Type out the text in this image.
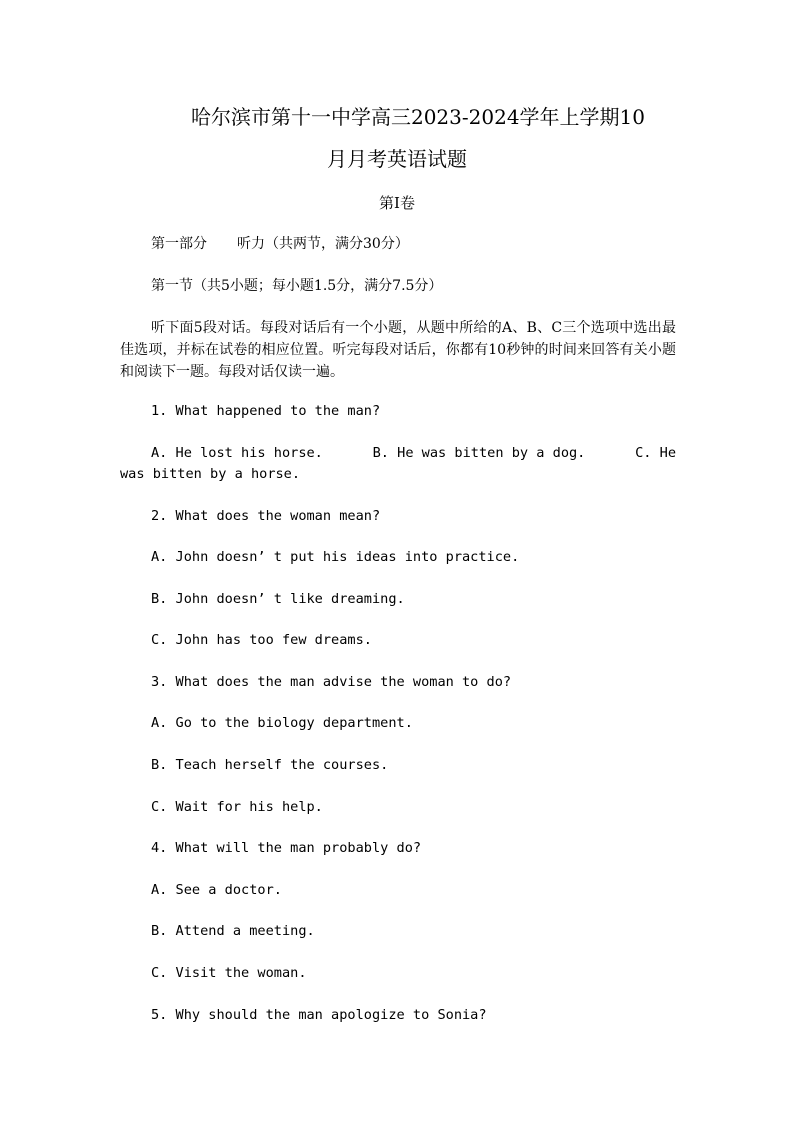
哈尔滨市第十一中学高三2023-2024学年上学期10
月月考英语试题
第Ⅰ卷
第一部分 听力（共两节，满分30分）
第一节（共5小题；每小题1.5分，满分7.5分）
听下面5段对话。每段对话后有一个小题，从题中所给的A、B、C三个选项中选出最佳选项，并标在试卷的相应位置。听完每段对话后，你都有10秒钟的时间来回答有关小题和阅读下一题。每段对话仅读一遍。
1. What happened to the man?
A. He lost his horse.	B. He was bitten by a dog.	C. He
was bitten by a horse.
2. What does the woman mean?
A. John doesn’ t put his ideas into practice.
B. John doesn’ t like dreaming.
C. John has too few dreams.
3. What does the man advise the woman to do?
A. Go to the biology department.
B. Teach herself the courses.
C. Wait for his help.
4. What will the man probably do?
A. See a doctor.
B. Attend a meeting.
C. Visit the woman.
5. Why should the man apologize to Sonia?
